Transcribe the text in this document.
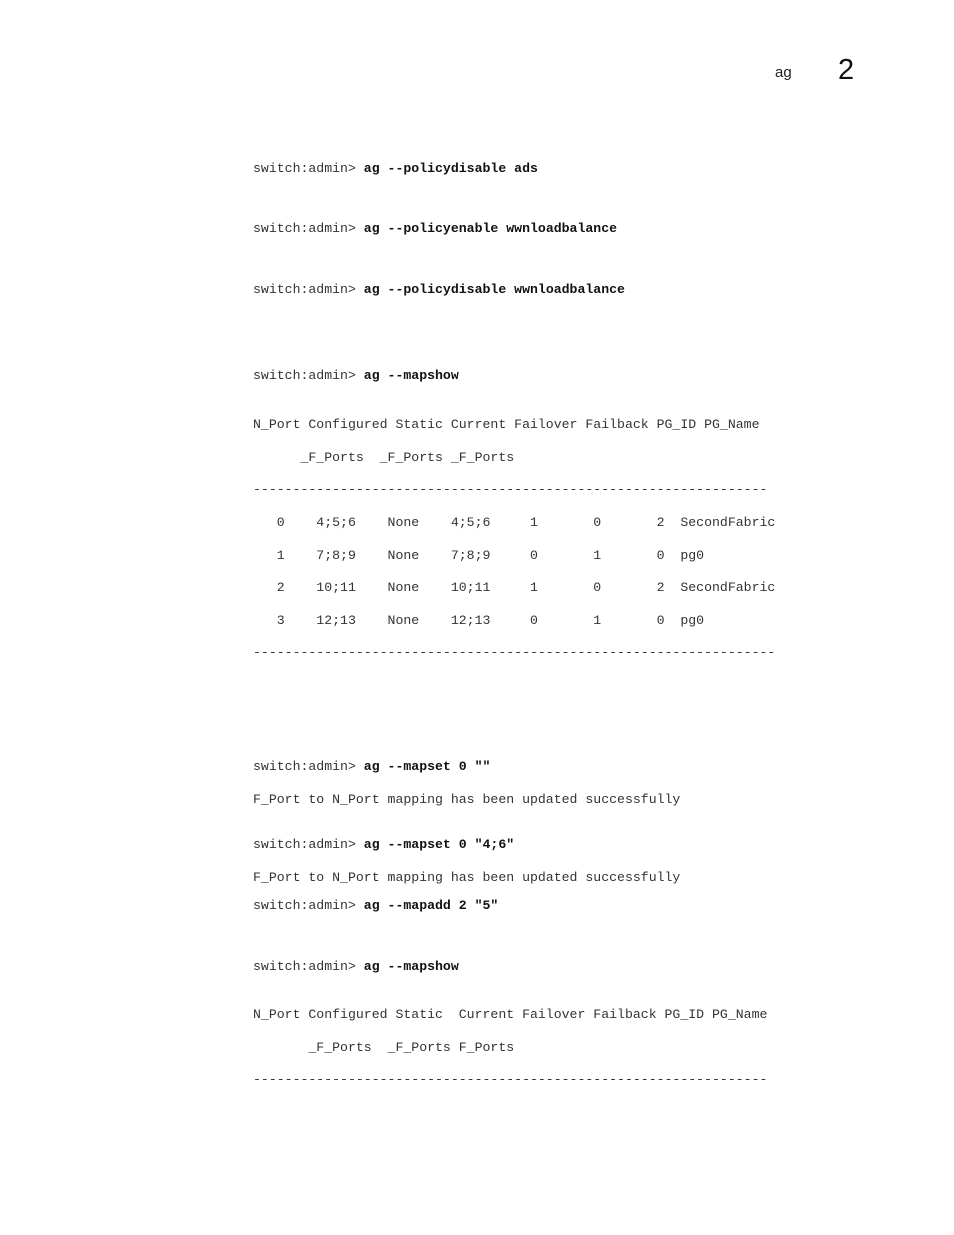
ag 2
switch:admin> ag --policydisable ads
switch:admin> ag --policyenable wwnloadbalance
switch:admin> ag --policydisable wwnloadbalance
switch:admin> ag --mapshow

N_Port Configured Static Current Failover Failback PG_ID PG_Name

_F_Ports  _F_Ports _F_Ports

-----------------------------------------------------------------

0    4;5;6    None    4;5;6     1       0       2  SecondFabric

1    7;8;9    None    7;8;9     0       1       0  pg0

2    10;11    None    10;11     1       0       2  SecondFabric

3    12;13    None    12;13     0       1       0  pg0

------------------------------------------------------------------

switch:admin> ag --mapset 0 ""

F_Port to N_Port mapping has been updated successfully

switch:admin> ag --mapset 0 "4;6"

F_Port to N_Port mapping has been updated successfully

switch:admin> ag --mapadd 2 "5"
switch:admin> ag --mapshow

N_Port Configured Static  Current Failover Failback PG_ID PG_Name

_F_Ports  _F_Ports F_Ports

-----------------------------------------------------------------
